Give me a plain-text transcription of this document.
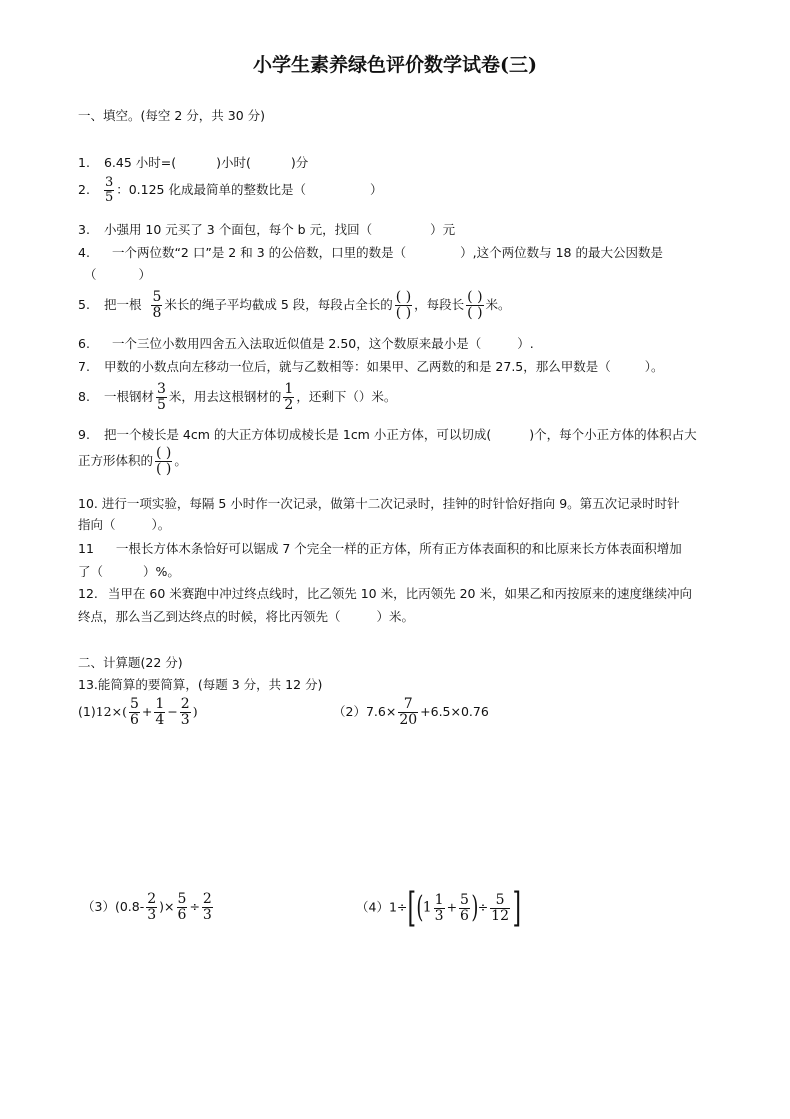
小学生素养绿色评价数学试卷(三)
一、填空。(每空 2 分，共 30 分)
1. 6.45 小时=(	)小时(	)分
2. $\frac{3}{5}$ ：0.125 化成最简单的整数比是（	）
3. 小强用 10 元买了 3 个面包，每个 b 元，找回（	）元
4. 一个两位数“2 口”是 2 和 3 的公倍数，口里的数是（	）,这个两位数与 18 的最大公因数是
（	）
5. 把一根 $\frac{5}{8}$ 米长的绳子平均截成 5 段，每段占全长的 $\frac{( )}{( )}$ ，每段长 $\frac{( )}{( )}$ 米。
6. 一个三位小数用四舍五入法取近似值是 2.50，这个数原来最小是（	）.
7. 甲数的小数点向左移动一位后，就与乙数相等：如果甲、乙两数的和是 27.5，那么甲数是（	）。
8. 一根钢材 $\frac{3}{5}$ 米，用去这根钢材的 $\frac{1}{2}$ ，还剩下（）米。
9. 把一个棱长是 4cm 的大正方体切成棱长是 1cm 小正方体，可以切成(	)个，每个小正方体的体积占大
正方形体积的 $\frac{( )}{( )}$ 。
10. 进行一项实验，每隔 5 小时作一次记录，做第十二次记录时，挂钟的时针恰好指向 9。第五次记录时时针
指向（	）。
11 一根长方体木条恰好可以锯成 7 个完全一样的正方体，所有正方体表面积的和比原来长方体表面积增加
了（	）%。
12. 当甲在 60 米赛跑中冲过终点线时，比乙领先 10 米，比丙领先 20 米，如果乙和丙按原来的速度继续冲向
终点，那么当乙到达终点的时候，将比丙领先（	）米。
二、计算题(22 分)
13.能简算的要简算，(每题 3 分，共 12 分)
$(1)12\times( \frac{5}{6} + \frac{1}{4} - \frac{2}{3}$ )	$(2)7.6\times \frac{7}{20} +6.5\times 0.76$
$(3)(0.8- \frac{2}{3}$ )× $\frac{5}{6} \div \frac{2}{3}$	$(4)1\div[(1 \frac{1}{3} + \frac{5}{6}$ )÷ $\frac{5}{12}$ ]
